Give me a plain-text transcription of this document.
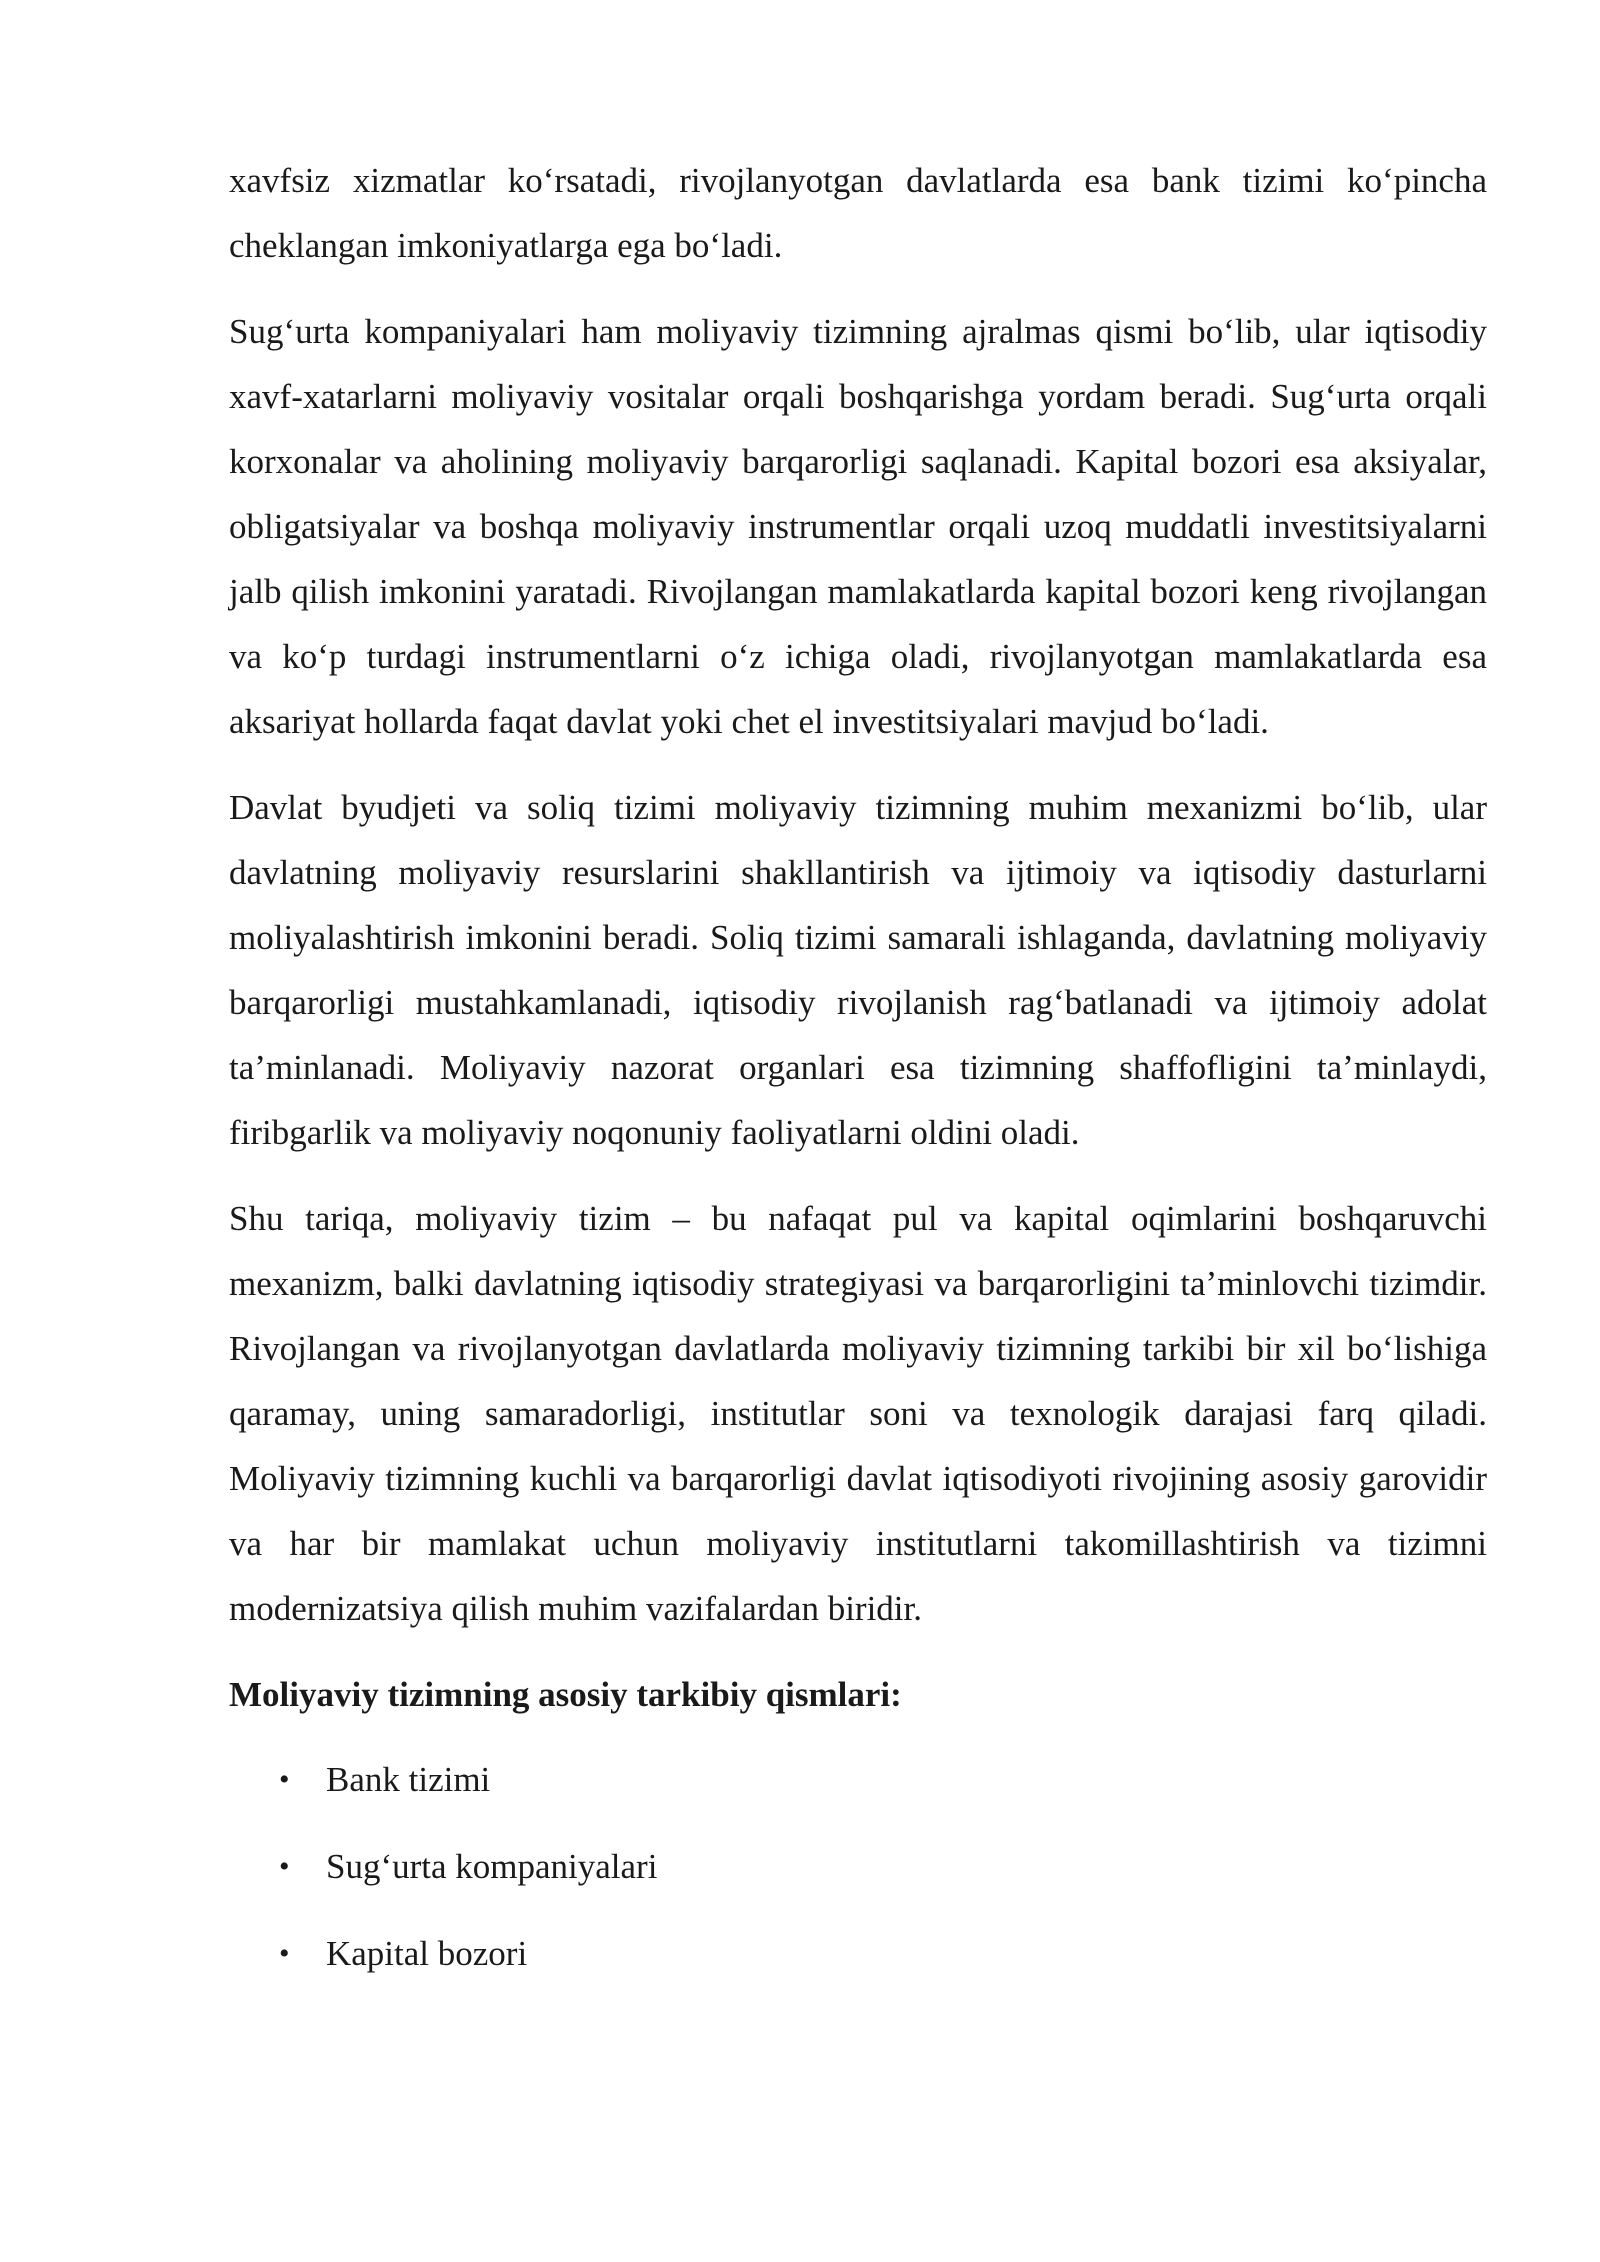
xavfsiz xizmatlar ko‘rsatadi, rivojlanyotgan davlatlarda esa bank tizimi ko‘pincha cheklangan imkoniyatlarga ega bo‘ladi.

Sug‘urta kompaniyalari ham moliyaviy tizimning ajralmas qismi bo‘lib, ular iqtisodiy xavf-xatarlarni moliyaviy vositalar orqali boshqarishga yordam beradi. Sug‘urta orqali korxonalar va aholining moliyaviy barqarorligi saqlanadi. Kapital bozori esa aksiyalar, obligatsiyalar va boshqa moliyaviy instrumentlar orqali uzoq muddatli investitsiyalarni jalb qilish imkonini yaratadi. Rivojlangan mamlakatlarda kapital bozori keng rivojlangan va ko‘p turdagi instrumentlarni o‘z ichiga oladi, rivojlanyotgan mamlakatlarda esa aksariyat hollarda faqat davlat yoki chet el investitsiyalari mavjud bo‘ladi.

Davlat byudjeti va soliq tizimi moliyaviy tizimning muhim mexanizmi bo‘lib, ular davlatning moliyaviy resurslarini shakllantirish va ijtimoiy va iqtisodiy dasturlarni moliyalashtirish imkonini beradi. Soliq tizimi samarali ishlaganda, davlatning moliyaviy barqarorligi mustahkamlanadi, iqtisodiy rivojlanish rag‘batlanadi va ijtimoiy adolat ta’minlanadi. Moliyaviy nazorat organlari esa tizimning shaffofligini ta’minlaydi, firibgarlik va moliyaviy noqonuniy faoliyatlarni oldini oladi.

Shu tariqa, moliyaviy tizim – bu nafaqat pul va kapital oqimlarini boshqaruvchi mexanizm, balki davlatning iqtisodiy strategiyasi va barqarorligini ta’minlovchi tizimdir. Rivojlangan va rivojlanyotgan davlatlarda moliyaviy tizimning tarkibi bir xil bo‘lishiga qaramay, uning samaradorligi, institutlar soni va texnologik darajasi farq qiladi. Moliyaviy tizimning kuchli va barqarorligi davlat iqtisodiyoti rivojining asosiy garovidir va har bir mamlakat uchun moliyaviy institutlarni takomillashtirish va tizimni modernizatsiya qilish muhim vazifalardan biridir.

Moliyaviy tizimning asosiy tarkibiy qismlari:

• Bank tizimi
• Sug‘urta kompaniyalari
• Kapital bozori
